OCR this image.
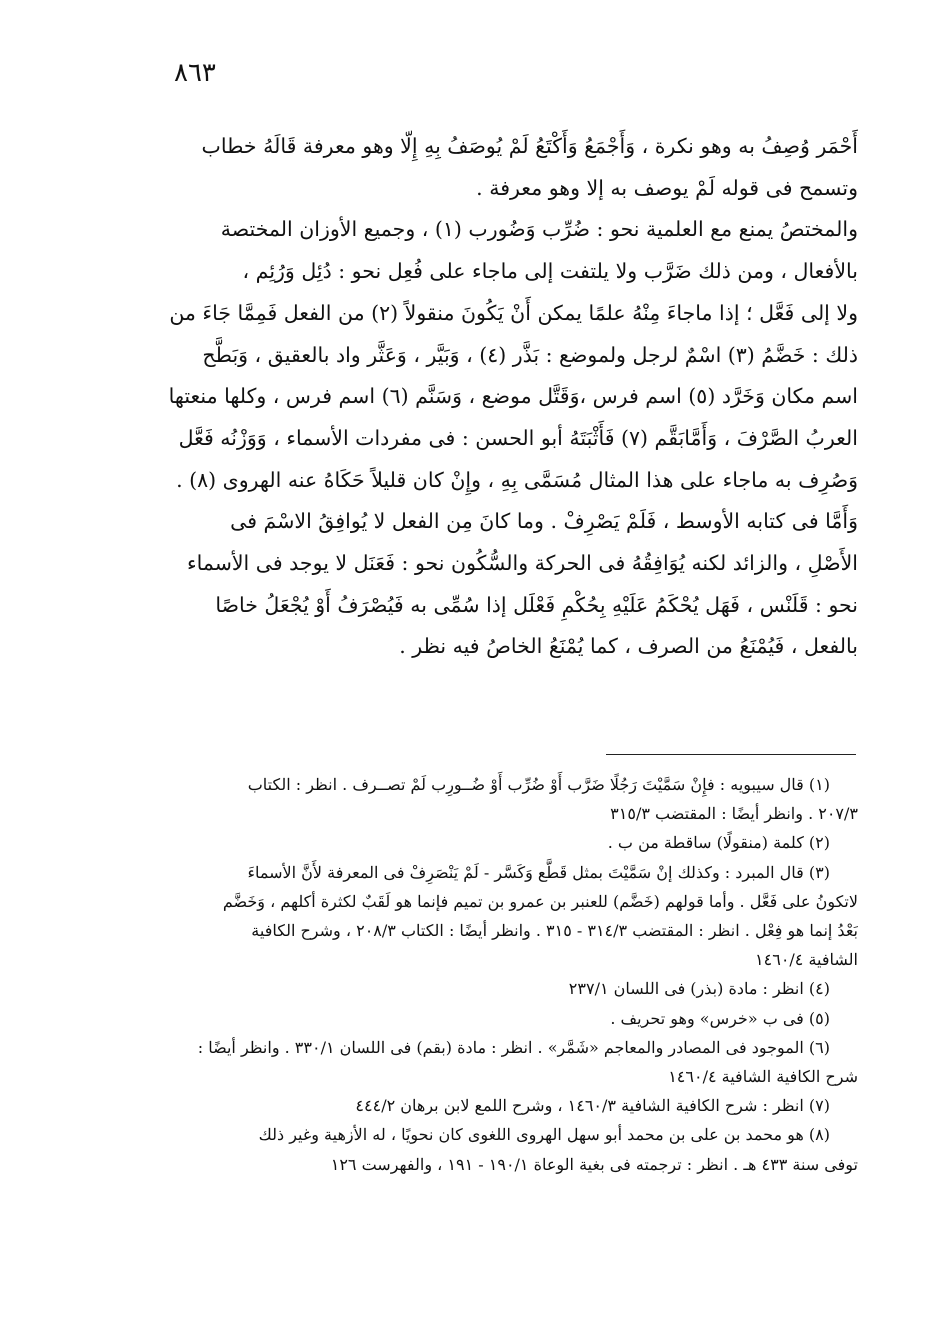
٨٦٣
أَحْمَر وُصِفُ به وهو نكرة ، وَأَجْمَعُ وَأَكْتَعُ لَمْ يُوصَفُ بِهِ إِلّا وهو معرفة قَالَهُ خطاب
وتسمح فى قوله لَمْ يوصف به إلا وهو معرفة .
والمختصُ يمنع مع العلمية نحو : ضُرِّب وَضُورب (١) ، وجميع الأوزان المختصة
بالأفعال ، ومن ذلك ضَرَّب ولا يلتفت إلى ماجاء على فُعِل نحو : دُئِل وَرُئِم ،
ولا إلى فَعَّل ؛ إذا ماجاءَ مِنْهُ علمًا يمكن أَنْ يَكُونَ منقولاً (٢) من الفعل فَمِمَّا جَاءَ من
ذلك : خَضَّمُ (٣) اسْمٌ لرجل ولموضع : بَذَّر (٤) ، وَبَيَّر ، وَعَثَّر واد بالعقيق ، وَبَطَّح
اسم مكان وَخَرَّد (٥) اسم فرس ،وَقَتَّل موضع ، وَسَنَّم (٦) اسم فرس ، وكلها منعتها
العربُ الصَّرْفَ ، وَأَمَّابَقَّم (٧) فَأَثْبَتَهُ أبو الحسن : فى مفردات الأسماء ، وَوَزْنُه فَعَّل
وَصُرِف به ماجاء على هذا المثال مُسَمَّى بِهِ ، وإِنْ كان قليلاً حَكَاهُ عنه الهروى (٨) .
وَأَمَّا فى كتابه الأوسط ، فَلَمْ يَصْرِفْ . وما كانَ مِن الفعل لا يُوافِقُ الاسْمَ فى
الأَصْلِ ، والزائد لكنه يُوَافِقُهُ فى الحركة والسُّكُون نحو : فَعَنَل لا يوجد فى الأسماء
نحو : قَلَنْس ، فَهَل يُحْكَمُ عَلَيْهِ بِحُكْمِ فَعْلَل إذا سُمِّى به فَيُصْرَفُ أَوْ يُجْعَلُ خاصًا
بالفعل ، فَيُمْنَعُ من الصرف ، كما يُمْنَعُ الخاصُ فيه نظر .
(١) قال سيبويه : فإِنْ سَمَّيْتَ رَجُلًا ضَرَّب أَوْ ضُرِّب أَوْ ضُــورِب لَمْ تصــرف . انظر : الكتاب
٢٠٧/٣ . وانظر أيضًا : المقتضب ٣١٥/٣
(٢) كلمة (منقولًا) ساقطة من ب .
(٣) قال المبرد : وكذلك إنْ سَمَّيْتَ بمثل قَطَّع وَكَسَّر - لَمْ يَنْصَرِفْ فى المعرفة لأَنَّ الأسماءَ
لاتكونُ على فَعَّل . وأما قولهم (خَضَّم) للعنبر بن عمرو بن تميم فإنما هو لَقَبٌ لكثرة أكلهم ، وَخَضَّم
بَعْدُ إنما هو فِعْل . انظر : المقتضب ٣١٤/٣ - ٣١٥ . وانظر أيضًا : الكتاب ٢٠٨/٣ ، وشرح الكافية
الشافية ١٤٦٠/٤
(٤) انظر : مادة (بذر) فى اللسان ٢٣٧/١
(٥) فى ب «خرس» وهو تحريف .
(٦) الموجود فى المصادر والمعاجم «شَمَّر» . انظر : مادة (بقم) فى اللسان ٣٣٠/١ . وانظر أيضًا :
شرح الكافية الشافية ١٤٦٠/٤
(٧) انظر : شرح الكافية الشافية ١٤٦٠/٣ ، وشرح اللمع لابن برهان ٤٤٤/٢
(٨) هو محمد بن على بن محمد أبو سهل الهروى اللغوى كان نحويًا ، له الأزهية وغير ذلك
توفى سنة ٤٣٣ هـ . انظر : ترجمته فى بغية الوعاة ١٩٠/١ - ١٩١ ، والفهرست ١٢٦
